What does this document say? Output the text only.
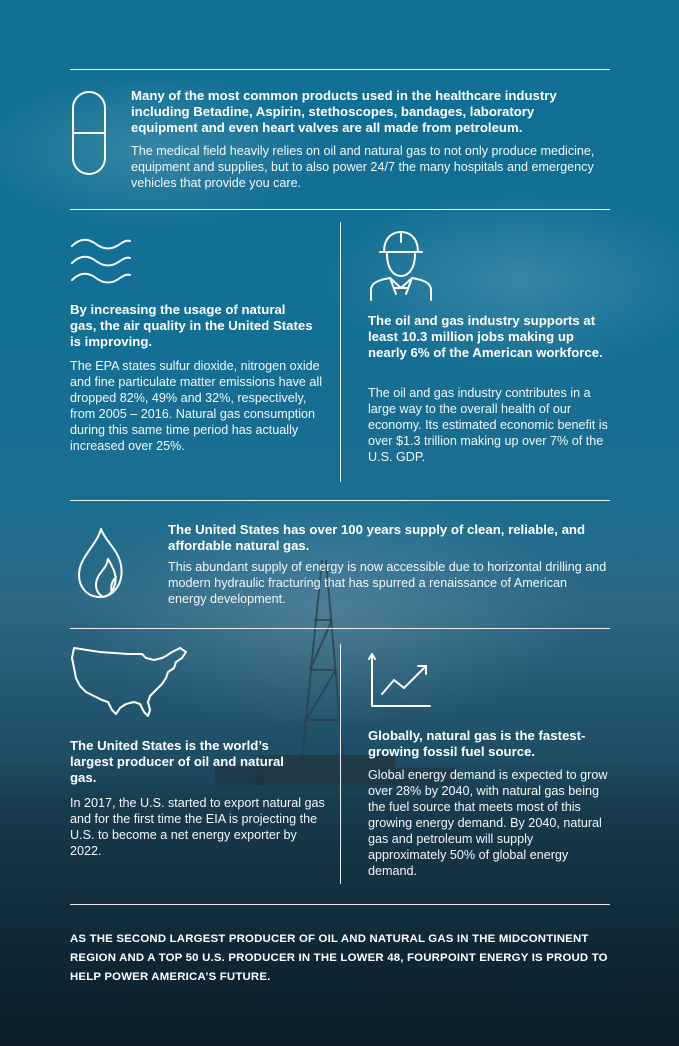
Many of the most common products used in the healthcare industry including Betadine, Aspirin, stethoscopes, bandages, laboratory equipment and even heart valves are all made from petroleum.

The medical field heavily relies on oil and natural gas to not only produce medicine, equipment and supplies, but to also power 24/7 the many hospitals and emergency vehicles that provide you care.

By increasing the usage of natural gas, the air quality in the United States is improving.

The EPA states sulfur dioxide, nitrogen oxide and fine particulate matter emissions have all dropped 82%, 49% and 32%, respectively, from 2005 – 2016. Natural gas consumption during this same time period has actually increased over 25%.

The oil and gas industry supports at least 10.3 million jobs making up nearly 6% of the American workforce.

The oil and gas industry contributes in a large way to the overall health of our economy. Its estimated economic benefit is over $1.3 trillion making up over 7% of the U.S. GDP.

The United States has over 100 years supply of clean, reliable, and affordable natural gas.

This abundant supply of energy is now accessible due to horizontal drilling and modern hydraulic fracturing that has spurred a renaissance of American energy development.

The United States is the world’s largest producer of oil and natural gas.

In 2017, the U.S. started to export natural gas and for the first time the EIA is projecting the U.S. to become a net energy exporter by 2022.

Globally, natural gas is the fastest-growing fossil fuel source.

Global energy demand is expected to grow over 28% by 2040, with natural gas being the fuel source that meets most of this growing energy demand. By 2040, natural gas and petroleum will supply approximately 50% of global energy demand.

AS THE SECOND LARGEST PRODUCER OF OIL AND NATURAL GAS IN THE MIDCONTINENT REGION AND A TOP 50 U.S. PRODUCER IN THE LOWER 48, FOURPOINT ENERGY IS PROUD TO HELP POWER AMERICA’S FUTURE.
